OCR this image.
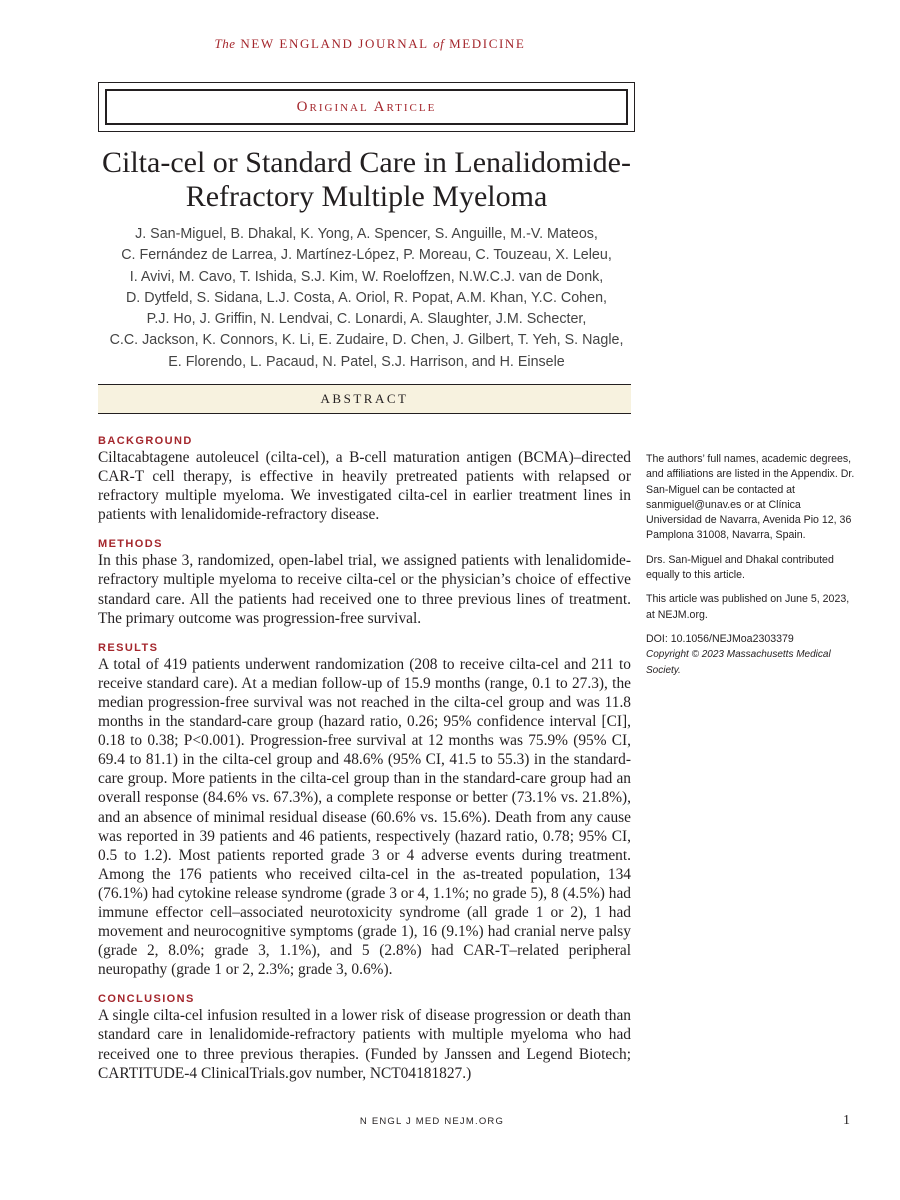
The NEW ENGLAND JOURNAL of MEDICINE
Original Article
Cilta-cel or Standard Care in Lenalidomide-Refractory Multiple Myeloma
J. San-Miguel, B. Dhakal, K. Yong, A. Spencer, S. Anguille, M.-V. Mateos,
C. Fernández de Larrea, J. Martínez-López, P. Moreau, C. Touzeau, X. Leleu,
I. Avivi, M. Cavo, T. Ishida, S.J. Kim, W. Roeloffzen, N.W.C.J. van de Donk,
D. Dytfeld, S. Sidana, L.J. Costa, A. Oriol, R. Popat, A.M. Khan, Y.C. Cohen,
P.J. Ho, J. Griffin, N. Lendvai, C. Lonardi, A. Slaughter, J.M. Schecter,
C.C. Jackson, K. Connors, K. Li, E. Zudaire, D. Chen, J. Gilbert, T. Yeh, S. Nagle,
E. Florendo, L. Pacaud, N. Patel, S.J. Harrison, and H. Einsele
ABSTRACT
BACKGROUND
Ciltacabtagene autoleucel (cilta-cel), a B-cell maturation antigen (BCMA)–directed CAR-T cell therapy, is effective in heavily pretreated patients with relapsed or refractory multiple myeloma. We investigated cilta-cel in earlier treatment lines in patients with lenalidomide-refractory disease.
METHODS
In this phase 3, randomized, open-label trial, we assigned patients with lenalidomide-refractory multiple myeloma to receive cilta-cel or the physician’s choice of effective standard care. All the patients had received one to three previous lines of treatment. The primary outcome was progression-free survival.
RESULTS
A total of 419 patients underwent randomization (208 to receive cilta-cel and 211 to receive standard care). At a median follow-up of 15.9 months (range, 0.1 to 27.3), the median progression-free survival was not reached in the cilta-cel group and was 11.8 months in the standard-care group (hazard ratio, 0.26; 95% confidence interval [CI], 0.18 to 0.38; P<0.001). Progression-free survival at 12 months was 75.9% (95% CI, 69.4 to 81.1) in the cilta-cel group and 48.6% (95% CI, 41.5 to 55.3) in the standard-care group. More patients in the cilta-cel group than in the standard-care group had an overall response (84.6% vs. 67.3%), a complete response or better (73.1% vs. 21.8%), and an absence of minimal residual disease (60.6% vs. 15.6%). Death from any cause was reported in 39 patients and 46 patients, respectively (hazard ratio, 0.78; 95% CI, 0.5 to 1.2). Most patients reported grade 3 or 4 adverse events during treatment. Among the 176 patients who received cilta-cel in the as-treated population, 134 (76.1%) had cytokine release syndrome (grade 3 or 4, 1.1%; no grade 5), 8 (4.5%) had immune effector cell–associated neurotoxicity syndrome (all grade 1 or 2), 1 had movement and neurocognitive symptoms (grade 1), 16 (9.1%) had cranial nerve palsy (grade 2, 8.0%; grade 3, 1.1%), and 5 (2.8%) had CAR-T–related peripheral neuropathy (grade 1 or 2, 2.3%; grade 3, 0.6%).
CONCLUSIONS
A single cilta-cel infusion resulted in a lower risk of disease progression or death than standard care in lenalidomide-refractory patients with multiple myeloma who had received one to three previous therapies. (Funded by Janssen and Legend Biotech; CARTITUDE-4 ClinicalTrials.gov number, NCT04181827.)

The authors’ full names, academic degrees, and affiliations are listed in the Appendix. Dr. San-Miguel can be contacted at sanmiguel@unav.es or at Clínica Universidad de Navarra, Avenida Pio 12, 36 Pamplona 31008, Navarra, Spain.

Drs. San-Miguel and Dhakal contributed equally to this article.

This article was published on June 5, 2023, at NEJM.org.

DOI: 10.1056/NEJMoa2303379

Copyright © 2023 Massachusetts Medical Society.

N ENGL J MED NEJM.ORG	1
